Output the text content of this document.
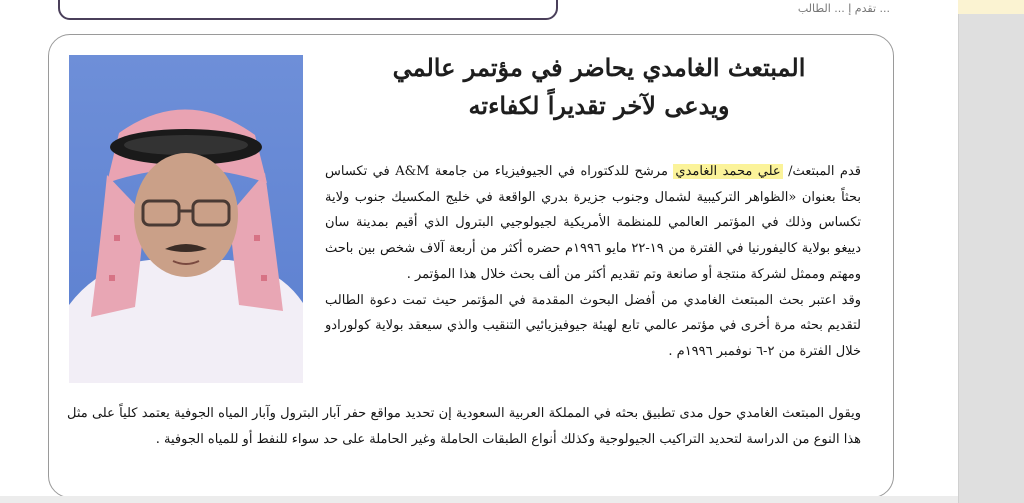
... تقدم إ ... الطالب
المبتعث الغامدي يحاضر في مؤتمر عالمي
ويدعى لآخر تقديراً لكفاءته

قدم المبتعث/ علي محمد الغامدي مرشح للدكتوراه في الجيوفيزياء من جامعة A&M في تكساس بحثاً بعنوان «الظواهر التركيبية لشمال وجنوب جزيرة بدري الواقعة في خليج المكسيك جنوب ولاية تكساس وذلك في المؤتمر العالمي للمنظمة الأمريكية لجيولوجيي البترول الذي أقيم بمدينة سان دييغو بولاية كاليفورنيا في الفترة من ١٩-٢٢ مايو ١٩٩٦م حضره أكثر من أربعة آلاف شخص بين باحث ومهتم وممثل لشركة منتجة أو صانعة وتم تقديم أكثر من ألف بحث خلال هذا المؤتمر .

وقد اعتبر بحث المبتعث الغامدي من أفضل البحوث المقدمة في المؤتمر حيث تمت دعوة الطالب لتقديم بحثه مرة أخرى في مؤتمر عالمي تابع لهيئة جيوفيزيائيي التنقيب والذي سيعقد بولاية كولورادو خلال الفترة من ٢-٦ نوفمبر ١٩٩٦م .

ويقول المبتعث الغامدي حول مدى تطبيق بحثه في المملكة العربية السعودية إن تحديد مواقع حفر آبار البترول وآبار المياه الجوفية يعتمد كلياً على مثل هذا النوع من الدراسة لتحديد التراكيب الجيولوجية وكذلك أنواع الطبقات الحاملة وغير الحاملة على حد سواء للنفط أو للمياه الجوفية .
